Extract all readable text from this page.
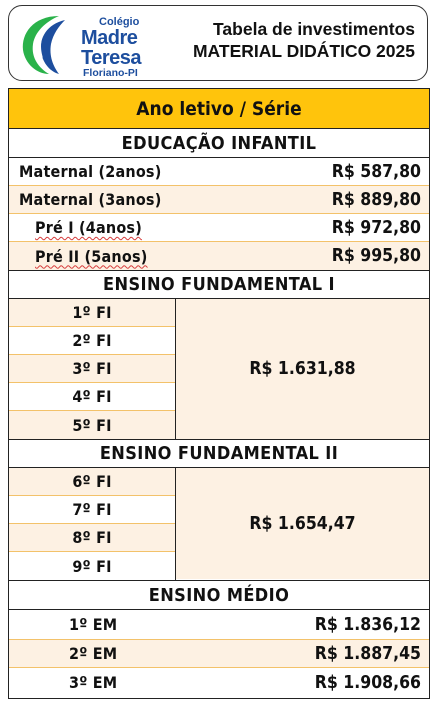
Colégio
Madre
Teresa
Floriano-PI
Tabela de investimentos
MATERIAL DIDÁTICO 2025
Ano letivo / Série
EDUCAÇÃO INFANTIL
Maternal (2anos)	R$ 587,80
Maternal (3anos)	R$ 889,80
Pré I (4anos)	R$ 972,80
Pré II (5anos)	R$ 995,80
ENSINO FUNDAMENTAL I
1º FI
2º FI
3º FI
4º FI
5º FI
R$ 1.631,88
ENSINO FUNDAMENTAL II
6º FI
7º FI
8º FI
9º FI
R$ 1.654,47
ENSINO MÉDIO
1º EM	R$ 1.836,12
2º EM	R$ 1.887,45
3º EM	R$ 1.908,66
